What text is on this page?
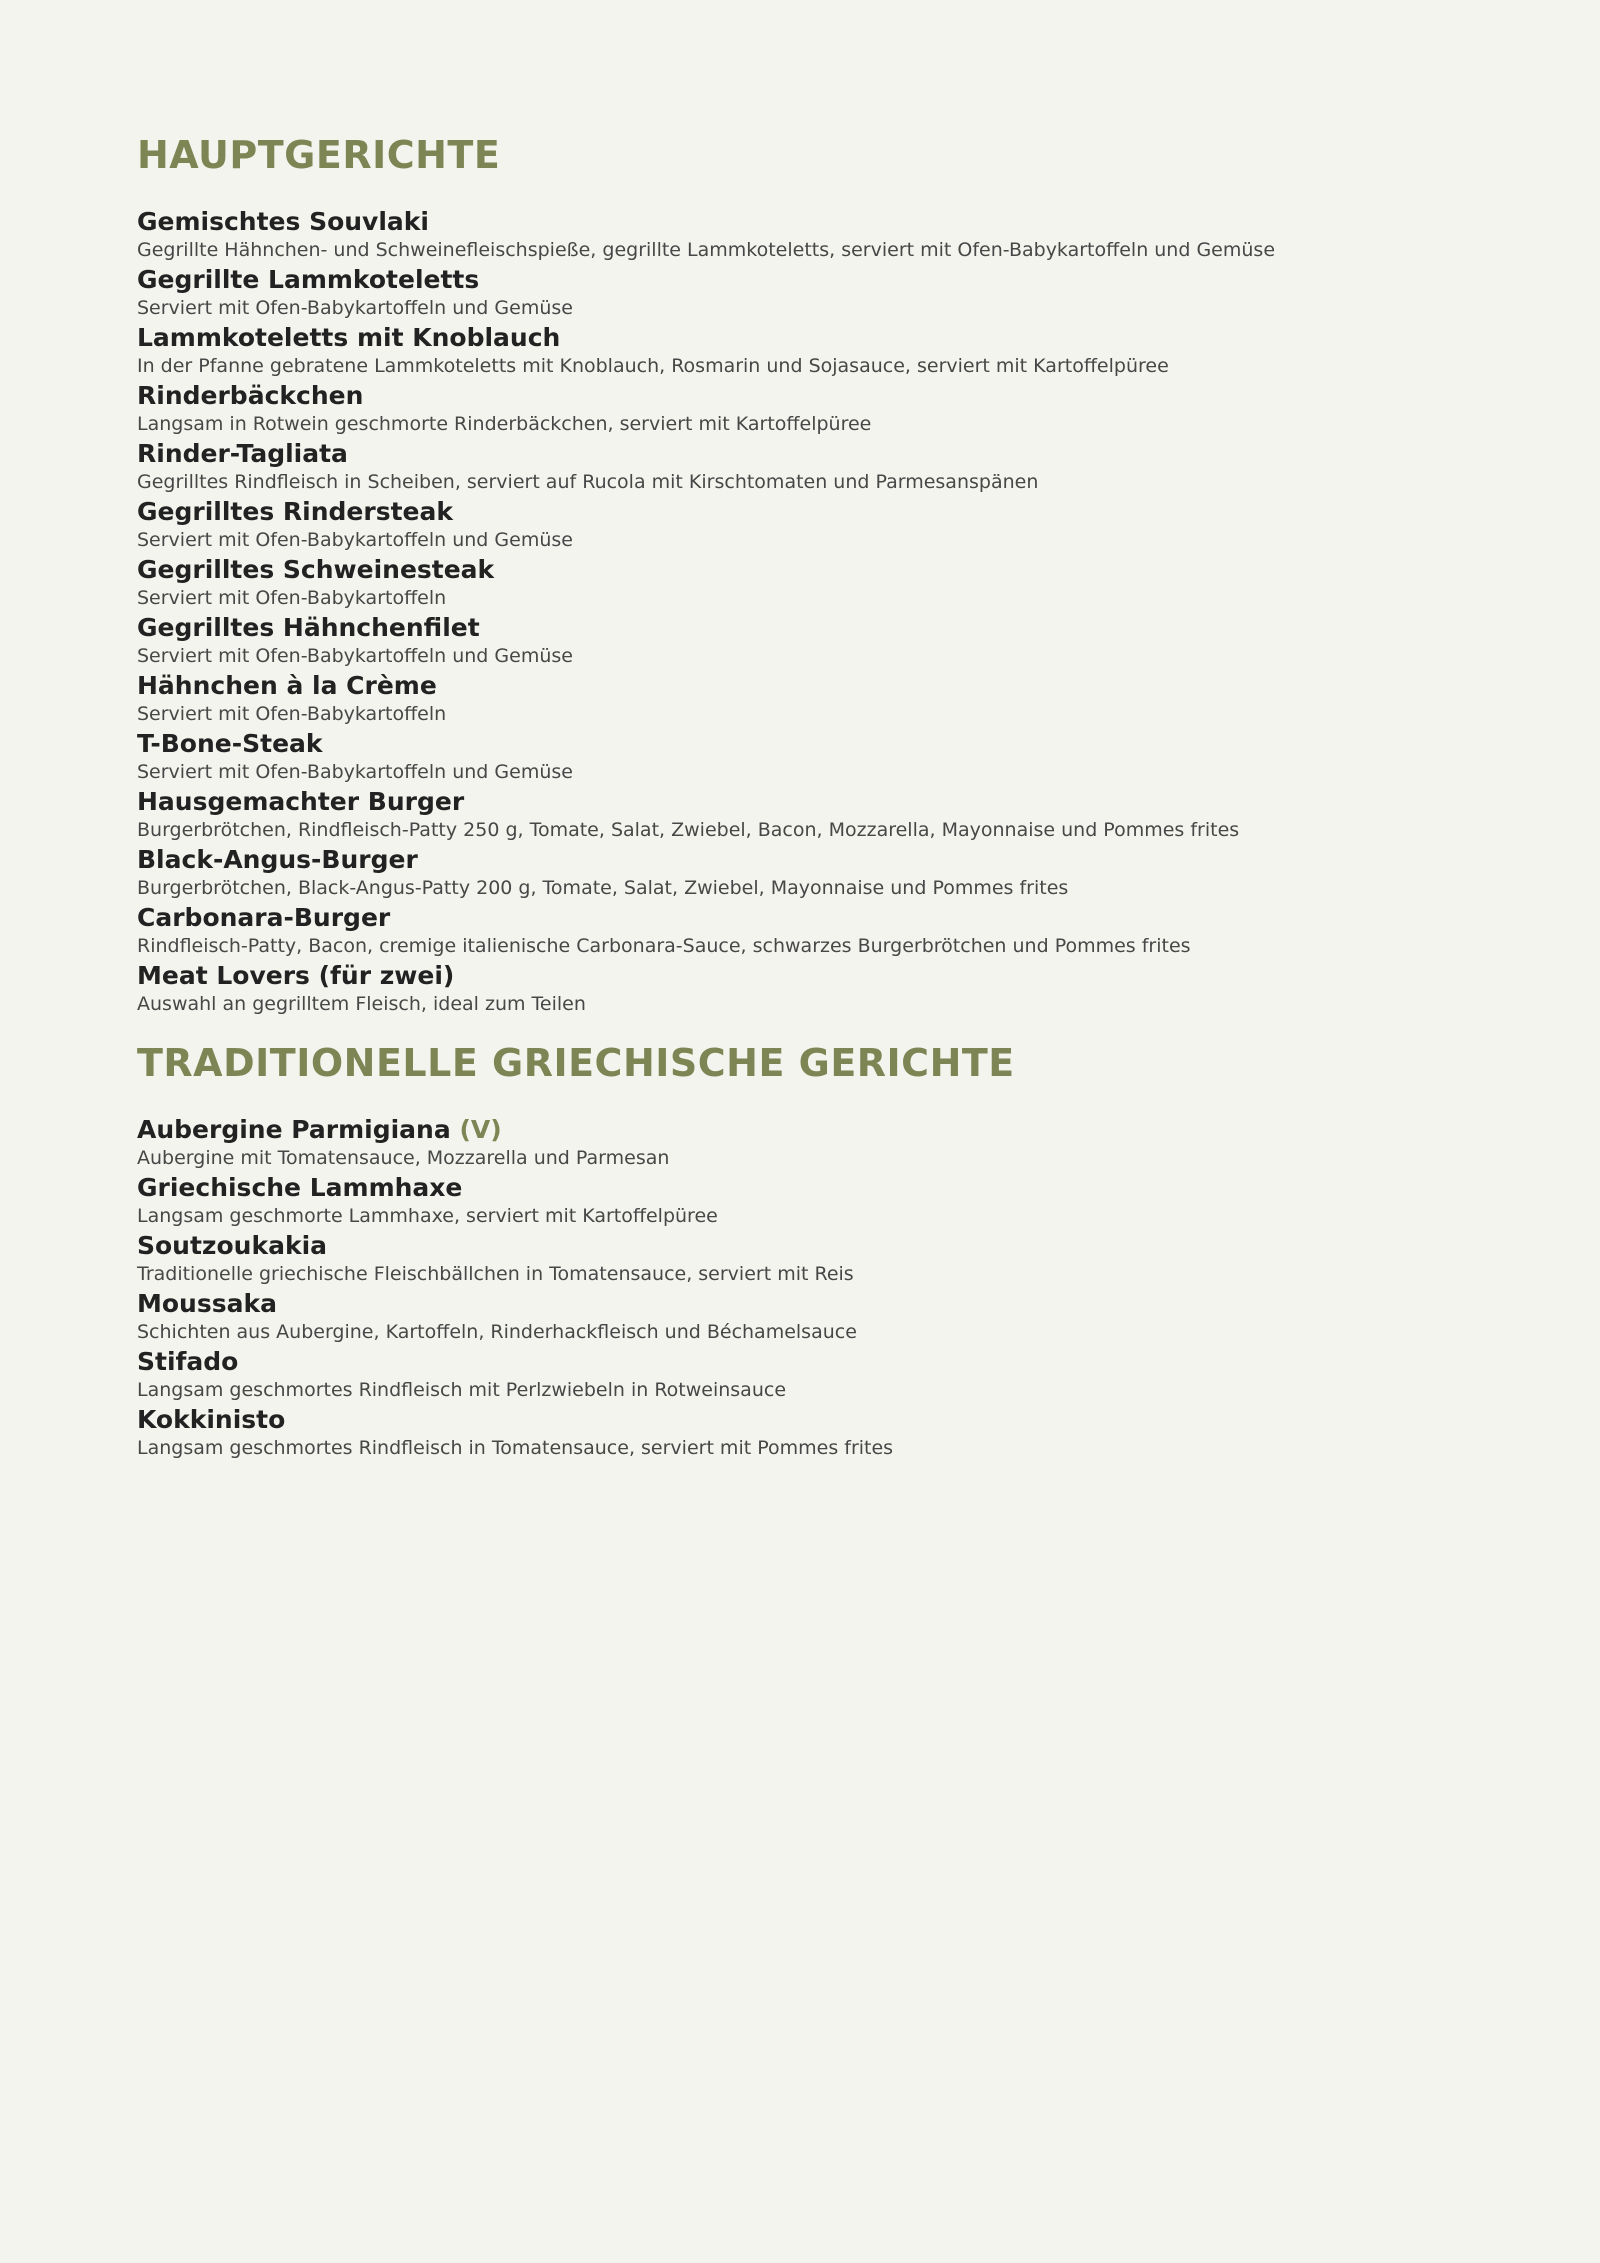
HAUPTGERICHTE
Gemischtes Souvlaki
Gegrillte Hähnchen- und Schweinefleischspieße, gegrillte Lammkoteletts, serviert mit Ofen-Babykartoffeln und Gemüse
Gegrillte Lammkoteletts
Serviert mit Ofen-Babykartoffeln und Gemüse
Lammkoteletts mit Knoblauch
In der Pfanne gebratene Lammkoteletts mit Knoblauch, Rosmarin und Sojasauce, serviert mit Kartoffelpüree
Rinderbäckchen
Langsam in Rotwein geschmorte Rinderbäckchen, serviert mit Kartoffelpüree
Rinder-Tagliata
Gegrilltes Rindfleisch in Scheiben, serviert auf Rucola mit Kirschtomaten und Parmesanspänen
Gegrilltes Rindersteak
Serviert mit Ofen-Babykartoffeln und Gemüse
Gegrilltes Schweinesteak
Serviert mit Ofen-Babykartoffeln
Gegrilltes Hähnchenfilet
Serviert mit Ofen-Babykartoffeln und Gemüse
Hähnchen à la Crème
Serviert mit Ofen-Babykartoffeln
T-Bone-Steak
Serviert mit Ofen-Babykartoffeln und Gemüse
Hausgemachter Burger
Burgerbrötchen, Rindfleisch-Patty 250 g, Tomate, Salat, Zwiebel, Bacon, Mozzarella, Mayonnaise und Pommes frites
Black-Angus-Burger
Burgerbrötchen, Black-Angus-Patty 200 g, Tomate, Salat, Zwiebel, Mayonnaise und Pommes frites
Carbonara-Burger
Rindfleisch-Patty, Bacon, cremige italienische Carbonara-Sauce, schwarzes Burgerbrötchen und Pommes frites
Meat Lovers (für zwei)
Auswahl an gegrilltem Fleisch, ideal zum Teilen
TRADITIONELLE GRIECHISCHE GERICHTE
Aubergine Parmigiana (V)
Aubergine mit Tomatensauce, Mozzarella und Parmesan
Griechische Lammhaxe
Langsam geschmorte Lammhaxe, serviert mit Kartoffelpüree
Soutzoukakia
Traditionelle griechische Fleischbällchen in Tomatensauce, serviert mit Reis
Moussaka
Schichten aus Aubergine, Kartoffeln, Rinderhackfleisch und Béchamelsauce
Stifado
Langsam geschmortes Rindfleisch mit Perlzwiebeln in Rotweinsauce
Kokkinisto
Langsam geschmortes Rindfleisch in Tomatensauce, serviert mit Pommes frites
